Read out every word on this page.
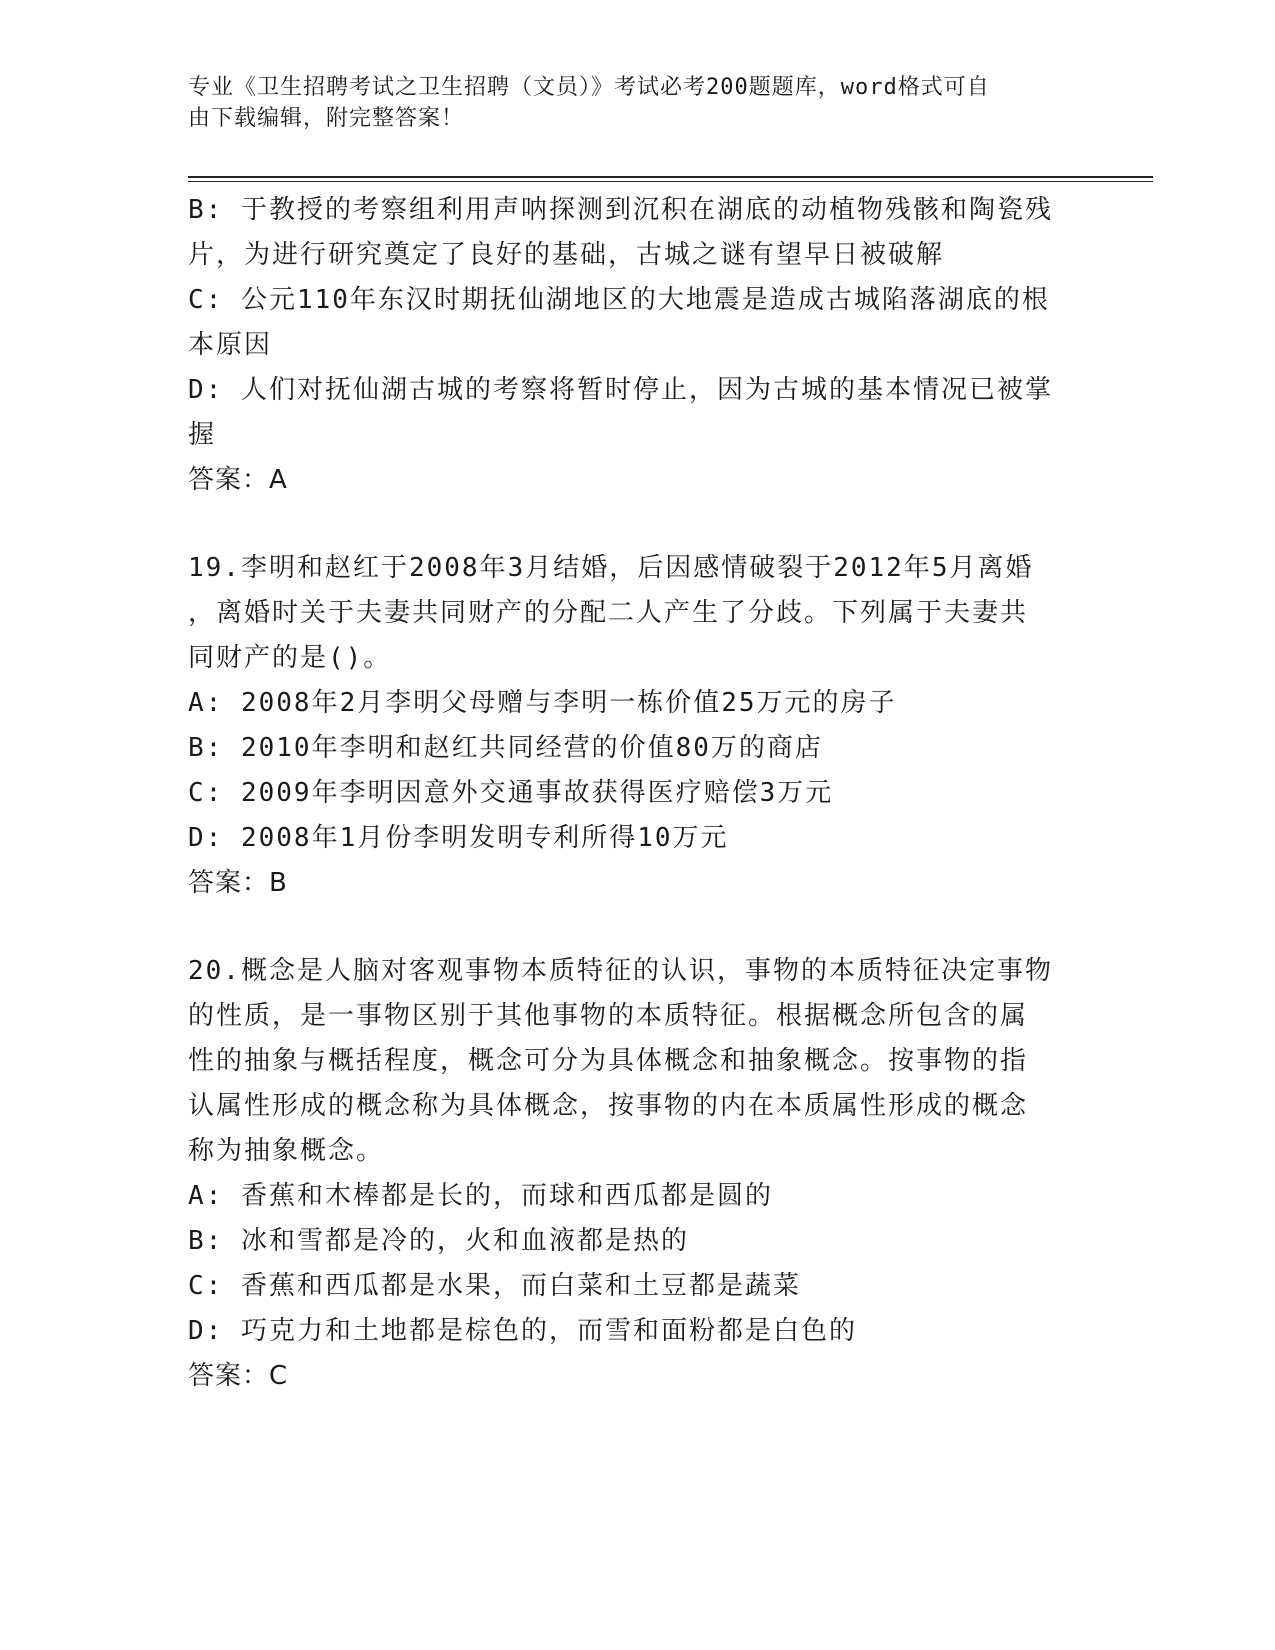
专业《卫生招聘考试之卫生招聘（文员）》考试必考200题题库，word格式可自
由下载编辑，附完整答案！
B: 于教授的考察组利用声呐探测到沉积在湖底的动植物残骸和陶瓷残
片，为进行研究奠定了良好的基础，古城之谜有望早日被破解
C: 公元110年东汉时期抚仙湖地区的大地震是造成古城陷落湖底的根
本原因
D: 人们对抚仙湖古城的考察将暂时停止，因为古城的基本情况已被掌
握
答案：A
19.李明和赵红于2008年3月结婚，后因感情破裂于2012年5月离婚
，离婚时关于夫妻共同财产的分配二人产生了分歧。下列属于夫妻共
同财产的是()。
A: 2008年2月李明父母赠与李明一栋价值25万元的房子
B: 2010年李明和赵红共同经营的价值80万的商店
C: 2009年李明因意外交通事故获得医疗赔偿3万元
D: 2008年1月份李明发明专利所得10万元
答案：B
20.概念是人脑对客观事物本质特征的认识，事物的本质特征决定事物
的性质，是一事物区别于其他事物的本质特征。根据概念所包含的属
性的抽象与概括程度，概念可分为具体概念和抽象概念。按事物的指
认属性形成的概念称为具体概念，按事物的内在本质属性形成的概念
称为抽象概念。
A: 香蕉和木棒都是长的，而球和西瓜都是圆的
B: 冰和雪都是冷的，火和血液都是热的
C: 香蕉和西瓜都是水果，而白菜和土豆都是蔬菜
D: 巧克力和土地都是棕色的，而雪和面粉都是白色的
答案：C
